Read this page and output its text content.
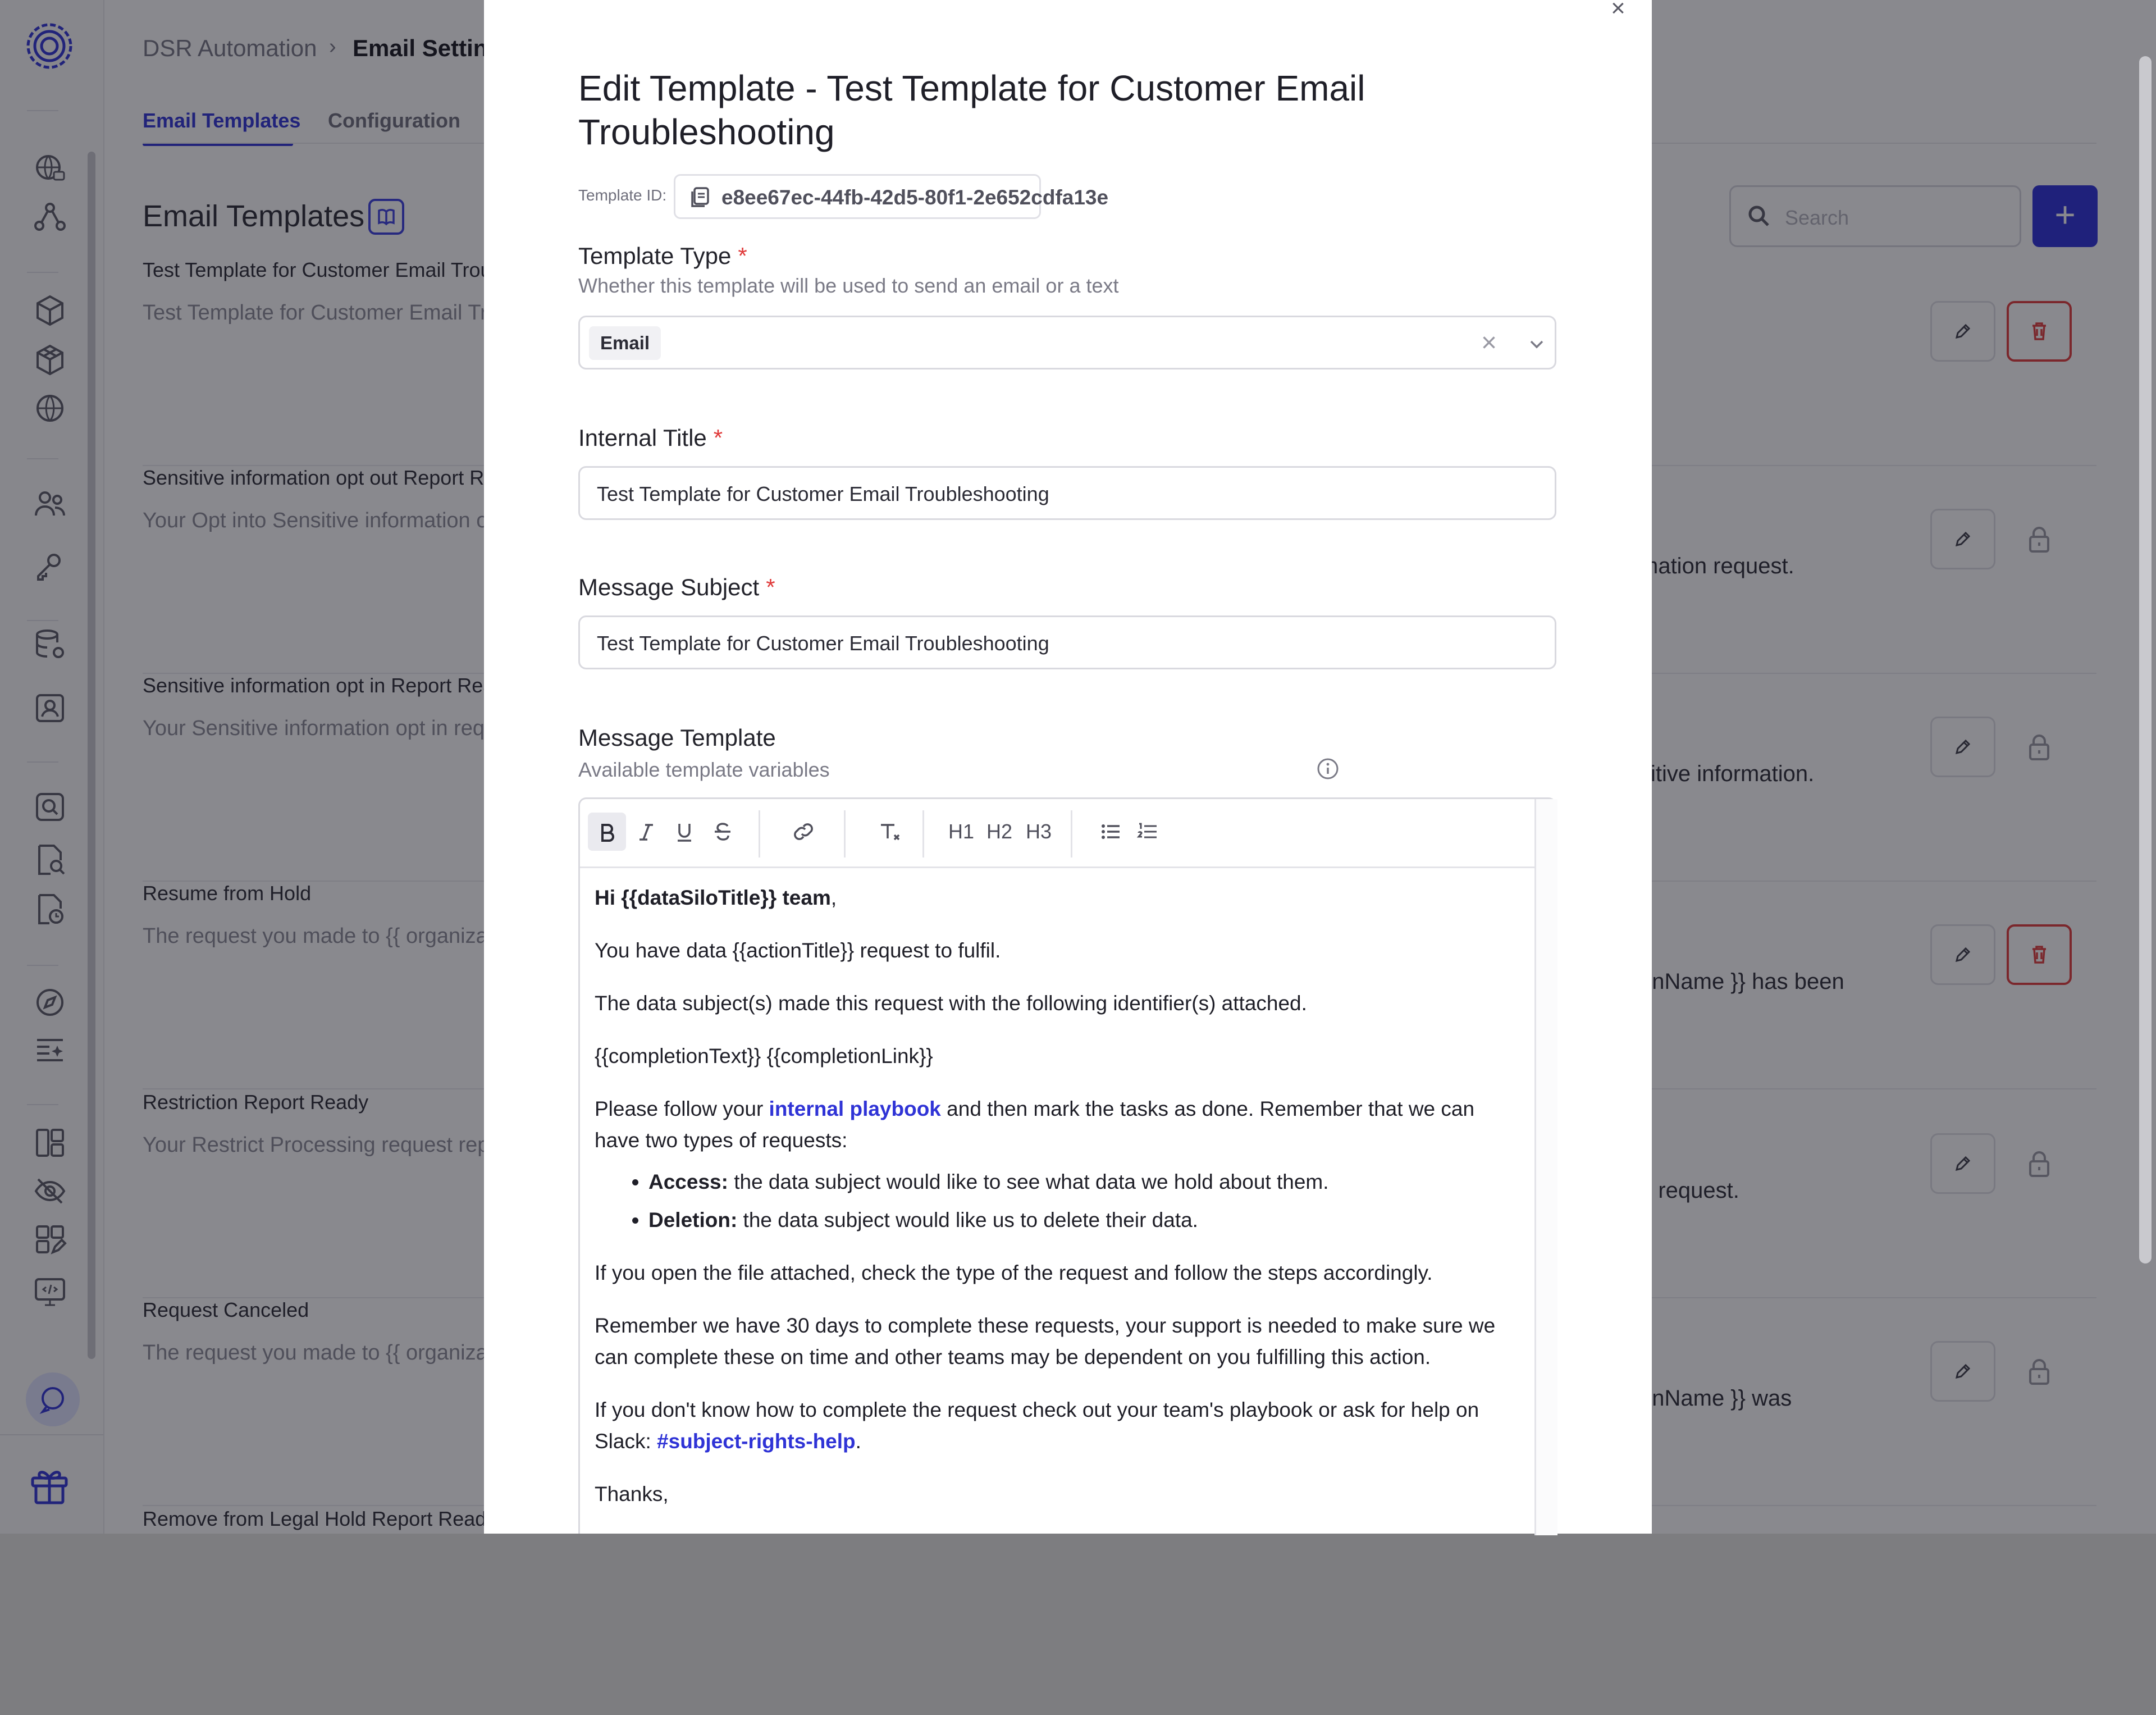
×
Edit Template - Test Template for Customer Email Troubleshooting
Template ID:	e8ee67ec-44fb-42d5-80f1-2e652cdfa13e
Template Type *
Whether this template will be used to send an email or a text
Email	×
Internal Title *
Test Template for Customer Email Troubleshooting
Message Subject *
Test Template for Customer Email Troubleshooting
Message Template
Available template variables
H1 H2 H3

Hi {{dataSiloTitle}} team,

You have data {{actionTitle}} request to fulfil.

The data subject(s) made this request with the following identifier(s) attached.

{{completionText}} {{completionLink}}

Please follow your internal playbook and then mark the tasks as done. Remember that we can have two types of requests:

• Access: the data subject would like to see what data we hold about them.
• Deletion: the data subject would like us to delete their data.

If you open the file attached, check the type of the request and follow the steps accordingly.

Remember we have 30 days to complete these requests, your support is needed to make sure we can complete these on time and other teams may be dependent on you fulfilling this action.

If you don't know how to complete the request check out your team's playbook or ask for help on Slack: #subject-rights-help.

Thanks,
